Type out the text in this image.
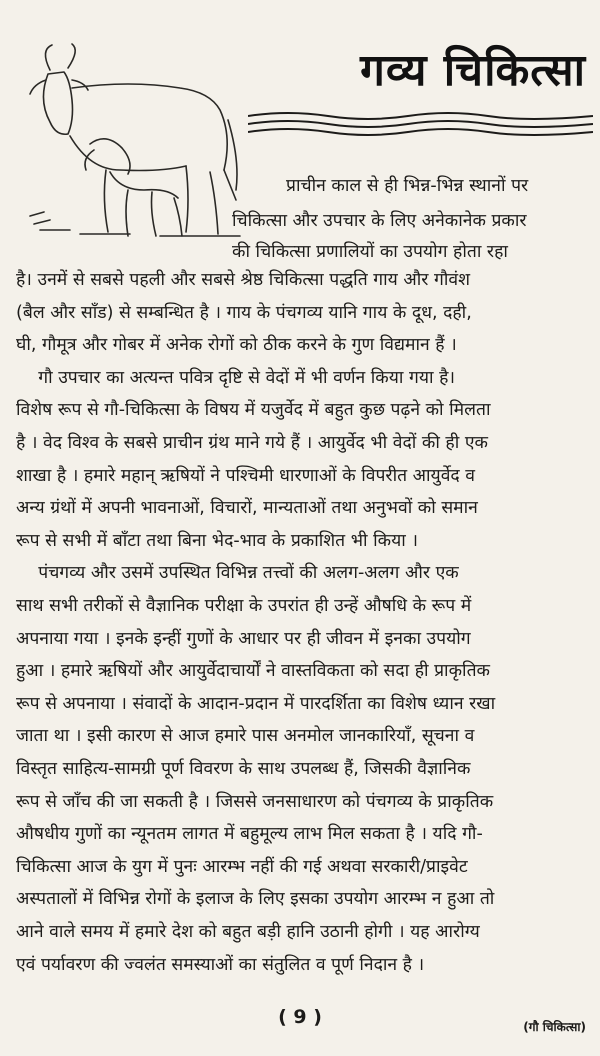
गव्य चिकित्सा
प्राचीन काल से ही भिन्न-भिन्न स्थानों पर
चिकित्सा और उपचार के लिए अनेकानेक प्रकार
की चिकित्सा प्रणालियों का उपयोग होता रहा
है। उनमें से सबसे पहली और सबसे श्रेष्ठ चिकित्सा पद्धति गाय और गौवंश
(बैल और साँड) से सम्बन्धित है । गाय के पंचगव्य यानि गाय के दूध, दही,
घी, गौमूत्र और गोबर में अनेक रोगों को ठीक करने के गुण विद्यमान हैं ।
गौ उपचार का अत्यन्त पवित्र दृष्टि से वेदों में भी वर्णन किया गया है।
विशेष रूप से गौ-चिकित्सा के विषय में यजुर्वेद में बहुत कुछ पढ़ने को मिलता
है । वेद विश्व के सबसे प्राचीन ग्रंथ माने गये हैं । आयुर्वेद भी वेदों की ही एक
शाखा है । हमारे महान् ऋषियों ने पश्चिमी धारणाओं के विपरीत आयुर्वेद व
अन्य ग्रंथों में अपनी भावनाओं, विचारों, मान्यताओं तथा अनुभवों को समान
रूप से सभी में बाँटा तथा बिना भेद-भाव के प्रकाशित भी किया ।
पंचगव्य और उसमें उपस्थित विभिन्न तत्त्वों की अलग-अलग और एक
साथ सभी तरीकों से वैज्ञानिक परीक्षा के उपरांत ही उन्हें औषधि के रूप में
अपनाया गया । इनके इन्हीं गुणों के आधार पर ही जीवन में इनका उपयोग
हुआ । हमारे ऋषियों और आयुर्वेदाचार्यों ने वास्तविकता को सदा ही प्राकृतिक
रूप से अपनाया । संवादों के आदान-प्रदान में पारदर्शिता का विशेष ध्यान रखा
जाता था । इसी कारण से आज हमारे पास अनमोल जानकारियाँ, सूचना व
विस्तृत साहित्य-सामग्री पूर्ण विवरण के साथ उपलब्ध हैं, जिसकी वैज्ञानिक
रूप से जाँच की जा सकती है । जिससे जनसाधारण को पंचगव्य के प्राकृतिक
औषधीय गुणों का न्यूनतम लागत में बहुमूल्य लाभ मिल सकता है । यदि गौ-
चिकित्सा आज के युग में पुनः आरम्भ नहीं की गई अथवा सरकारी/प्राइवेट
अस्पतालों में विभिन्न रोगों के इलाज के लिए इसका उपयोग आरम्भ न हुआ तो
आने वाले समय में हमारे देश को बहुत बड़ी हानि उठानी होगी । यह आरोग्य
एवं पर्यावरण की ज्वलंत समस्याओं का संतुलित व पूर्ण निदान है ।
( 9 )	(गौ चिकित्सा)
